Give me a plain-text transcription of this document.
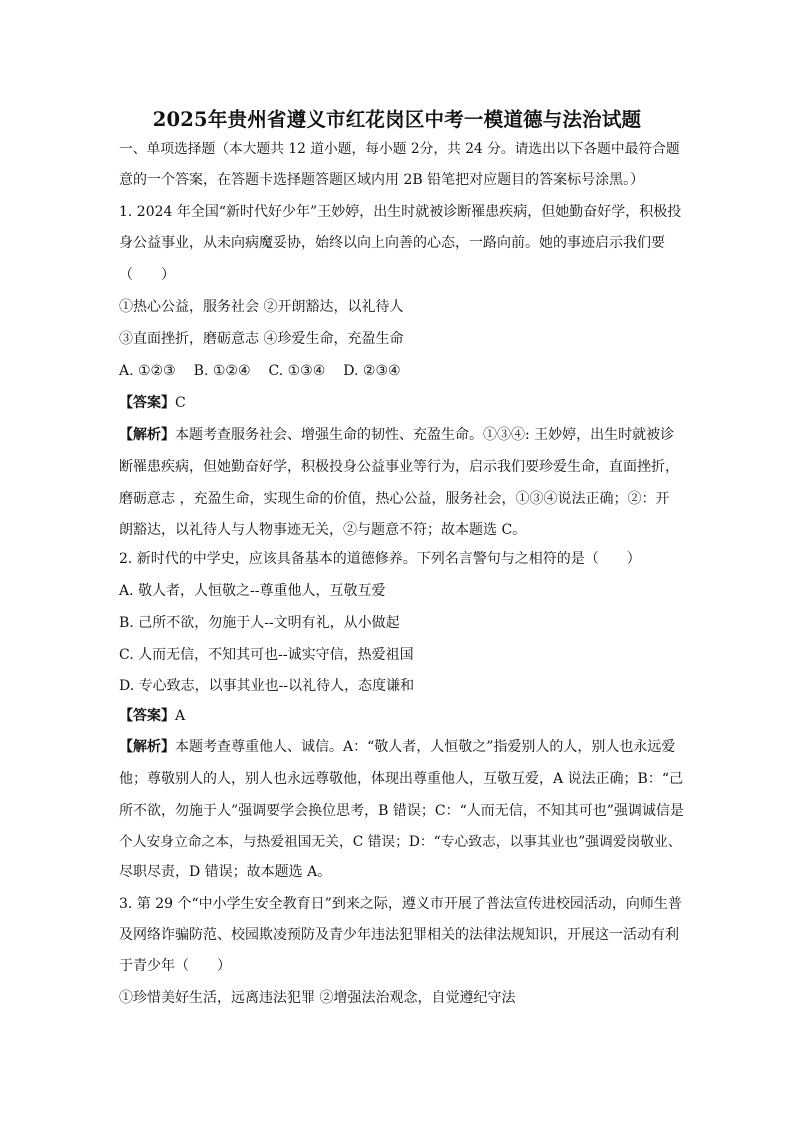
2025年贵州省遵义市红花岗区中考一模道德与法治试题
一、单项选择题（本大题共 12 道小题，每小题 2分，共 24 分。请选出以下各题中最符合题
意的一个答案，在答题卡选择题答题区域内用 2B 铅笔把对应题目的答案标号涂黑。）
1. 2024 年全国“新时代好少年”王妙婷，出生时就被诊断罹患疾病，但她勤奋好学，积极投
身公益事业，从未向病魔妥协，始终以向上向善的心态，一路向前。她的事迹启示我们要
（　　）
①热心公益，服务社会 ②开朗豁达，以礼待人
③直面挫折，磨砺意志 ④珍爱生命，充盈生命
A. ①②③ B. ①②④ C. ①③④ D. ②③④
【答案】C
【解析】本题考查服务社会、增强生命的韧性、充盈生命。①③④: 王妙婷，出生时就被诊
断罹患疾病，但她勤奋好学，积极投身公益事业等行为，启示我们要珍爱生命，直面挫折，
磨砺意志 ，充盈生命，实现生命的价值，热心公益，服务社会，①③④说法正确；②：开
朗豁达，以礼待人与人物事迹无关，②与题意不符；故本题选 C。
2. 新时代的中学史，应该具备基本的道德修养。下列名言警句与之相符的是（　　）
A. 敬人者，人恒敬之--尊重他人，互敬互爱
B. 己所不欲，勿施于人--文明有礼，从小做起
C. 人而无信，不知其可也--诚实守信，热爱祖国
D. 专心致志，以事其业也--以礼待人，态度谦和
【答案】A
【解析】本题考查尊重他人、诚信。A：“敬人者，人恒敬之”指爱别人的人，别人也永远爱
他；尊敬别人的人，别人也永远尊敬他，体现出尊重他人，互敬互爱，A 说法正确；B：“己
所不欲，勿施于人”强调要学会换位思考，B 错误；C：“人而无信，不知其可也”强调诚信是
个人安身立命之本，与热爱祖国无关，C 错误；D：“专心致志，以事其业也”强调爱岗敬业、
尽职尽责，D 错误；故本题选 A。
3. 第 29 个“中小学生安全教育日”到来之际，遵义市开展了普法宣传进校园活动，向师生普
及网络诈骗防范、校园欺凌预防及青少年违法犯罪相关的法律法规知识，开展这一活动有利
于青少年（　　）
①珍惜美好生活，远离违法犯罪 ②增强法治观念，自觉遵纪守法
